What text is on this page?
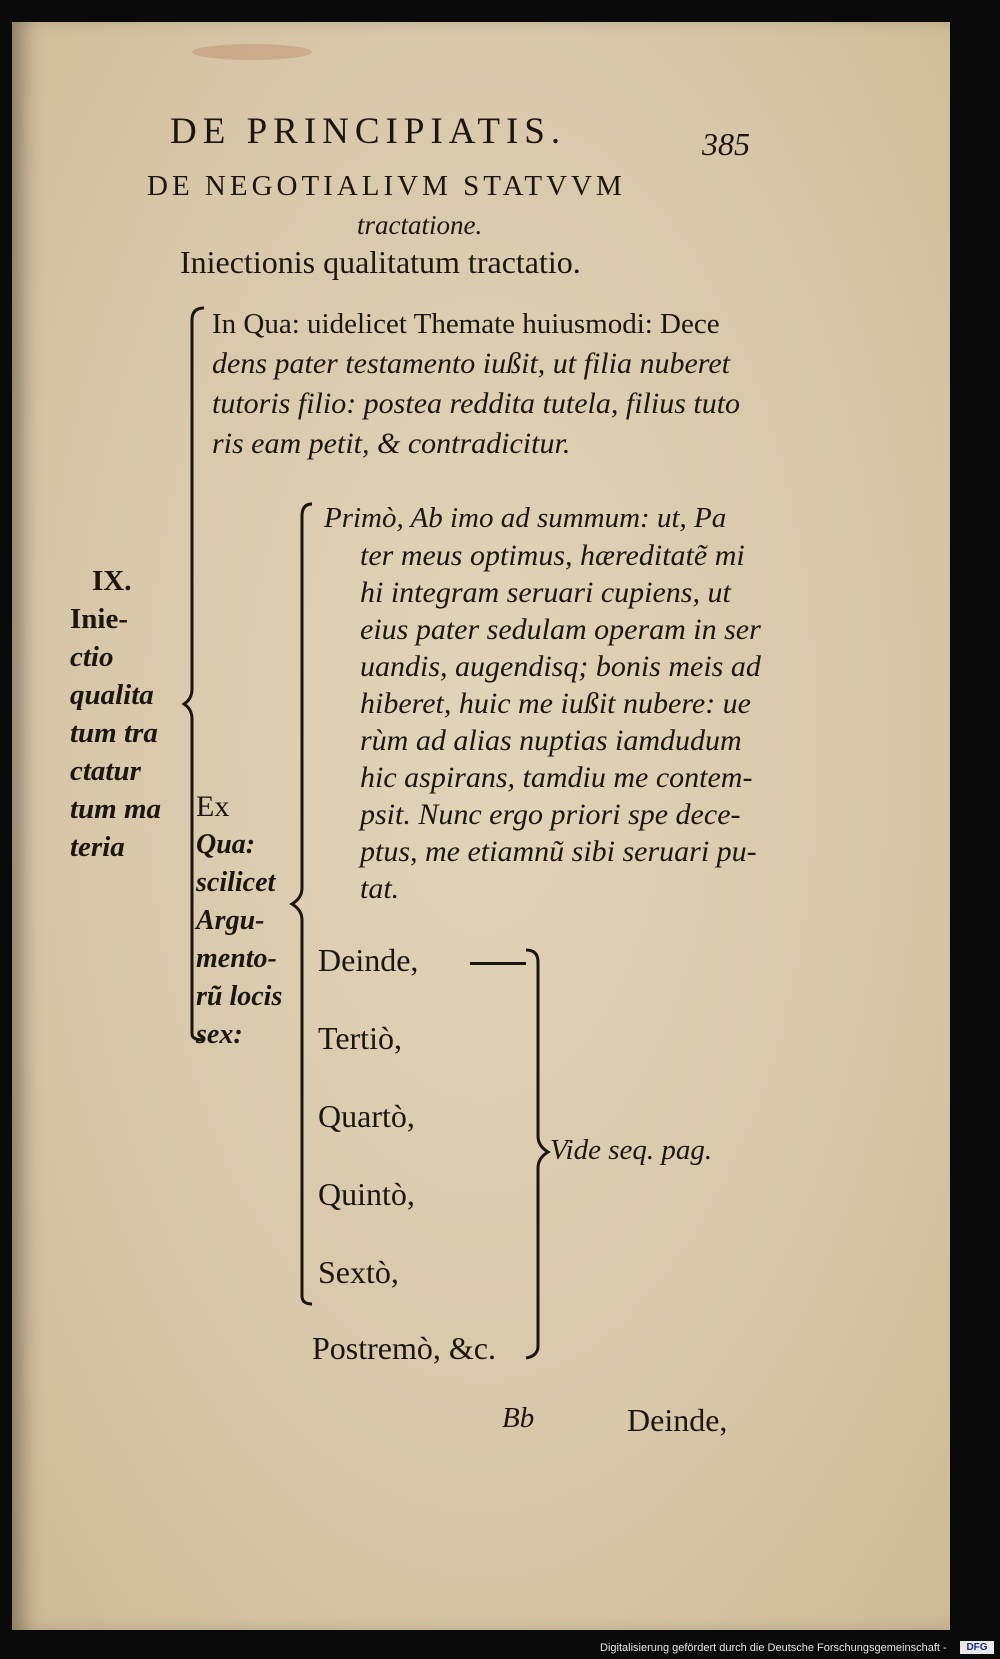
DE PRINCIPIATIS.	385
DE NEGOTIALIVM STATVVM
tractatione.
Iniectionis qualitatum tractatio.
In Qua: uidelicet Themate huiusmodi: Dece
dens pater testamento iußit, ut filia nuberet
tutoris filio: postea reddita tutela, filius tuto
ris eam petit, & contradicitur.
IX.
Inie-
ctio
qualita
tum tra
ctatur
tum ma
teria
Ex
Qua:
scilicet
Argu-
mento-
rũ locis
sex:
Primò, Ab imo ad summum: ut, Pa
ter meus optimus, hæreditatẽ mi
hi integram seruari cupiens, ut
eius pater sedulam operam in ser
uandis, augendisq; bonis meis ad
hiberet, huic me iußit nubere: ue
rùm ad alias nuptias iamdudum
hic aspirans, tamdiu me contem-
psit. Nunc ergo priori spe dece-
ptus, me etiamnũ sibi seruari pu-
tat.
Deinde,
Tertiò,
Quartò,
Quintò,
Sextò,
Postremò, &c.
Vide seq. pag.
Bb	Deinde,
Digitalisierung gefördert durch die Deutsche Forschungsgemeinschaft -	DFG
